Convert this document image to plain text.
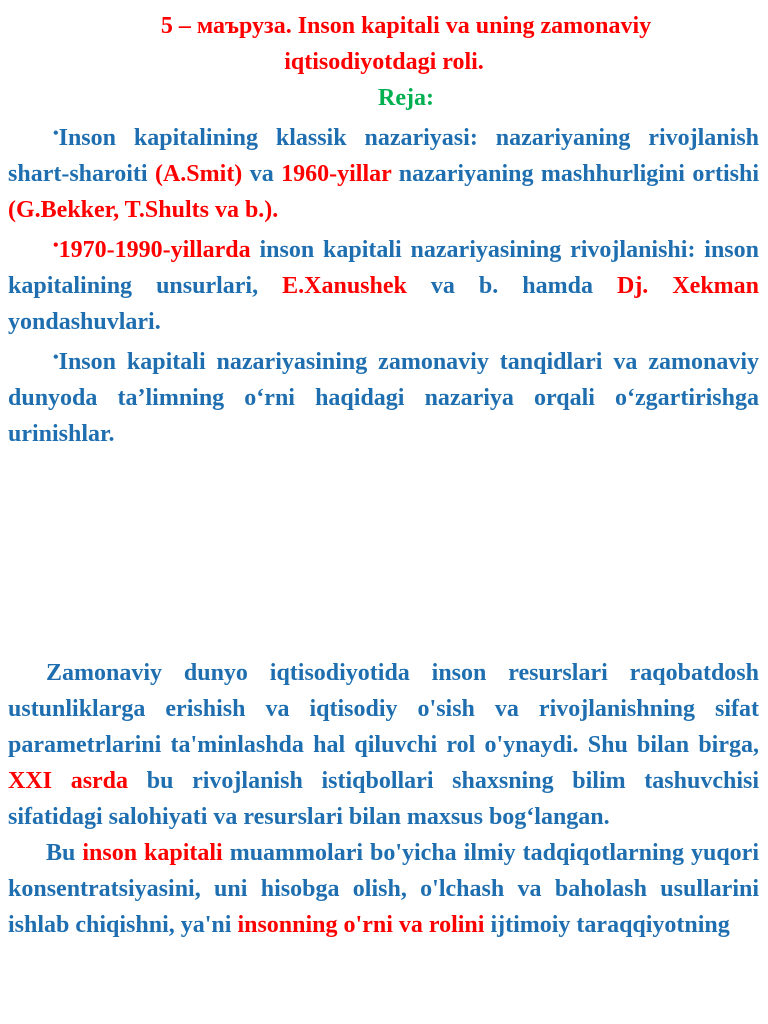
5 – маъруза. Inson kapitali va uning zamonaviy
iqtisodiyotdagi roli.
Reja:
•Inson kapitalining klassik nazariyasi: nazariyaning rivojlanish shart-sharoiti (A.Smit) va 1960-yillar nazariyaning mashhurligini ortishi (G.Bekker, T.Shults va b.).
•1970-1990-yillarda inson kapitali nazariyasining rivojlanishi: inson kapitalining unsurlari, E.Xanushek va b. hamda Dj. Xekman yondashuvlari.
•Inson kapitali nazariyasining zamonaviy tanqidlari va zamonaviy dunyoda ta’limning o‘rni haqidagi nazariya orqali o‘zgartirishga urinishlar.
Zamonaviy dunyo iqtisodiyotida inson resurslari raqobatdosh ustunliklarga erishish va iqtisodiy o'sish va rivojlanishning sifat parametrlarini ta'minlashda hal qiluvchi rol o'ynaydi. Shu bilan birga, XXI asrda bu rivojlanish istiqbollari shaxsning bilim tashuvchisi sifatidagi salohiyati va resurslari bilan maxsus bog‘langan.
Bu inson kapitali muammolari bo'yicha ilmiy tadqiqotlarning yuqori konsentratsiyasini, uni hisobga olish, o'lchash va baholash usullarini ishlab chiqishni, ya'ni insonning o'rni va rolini ijtimoiy taraqqiyotning
